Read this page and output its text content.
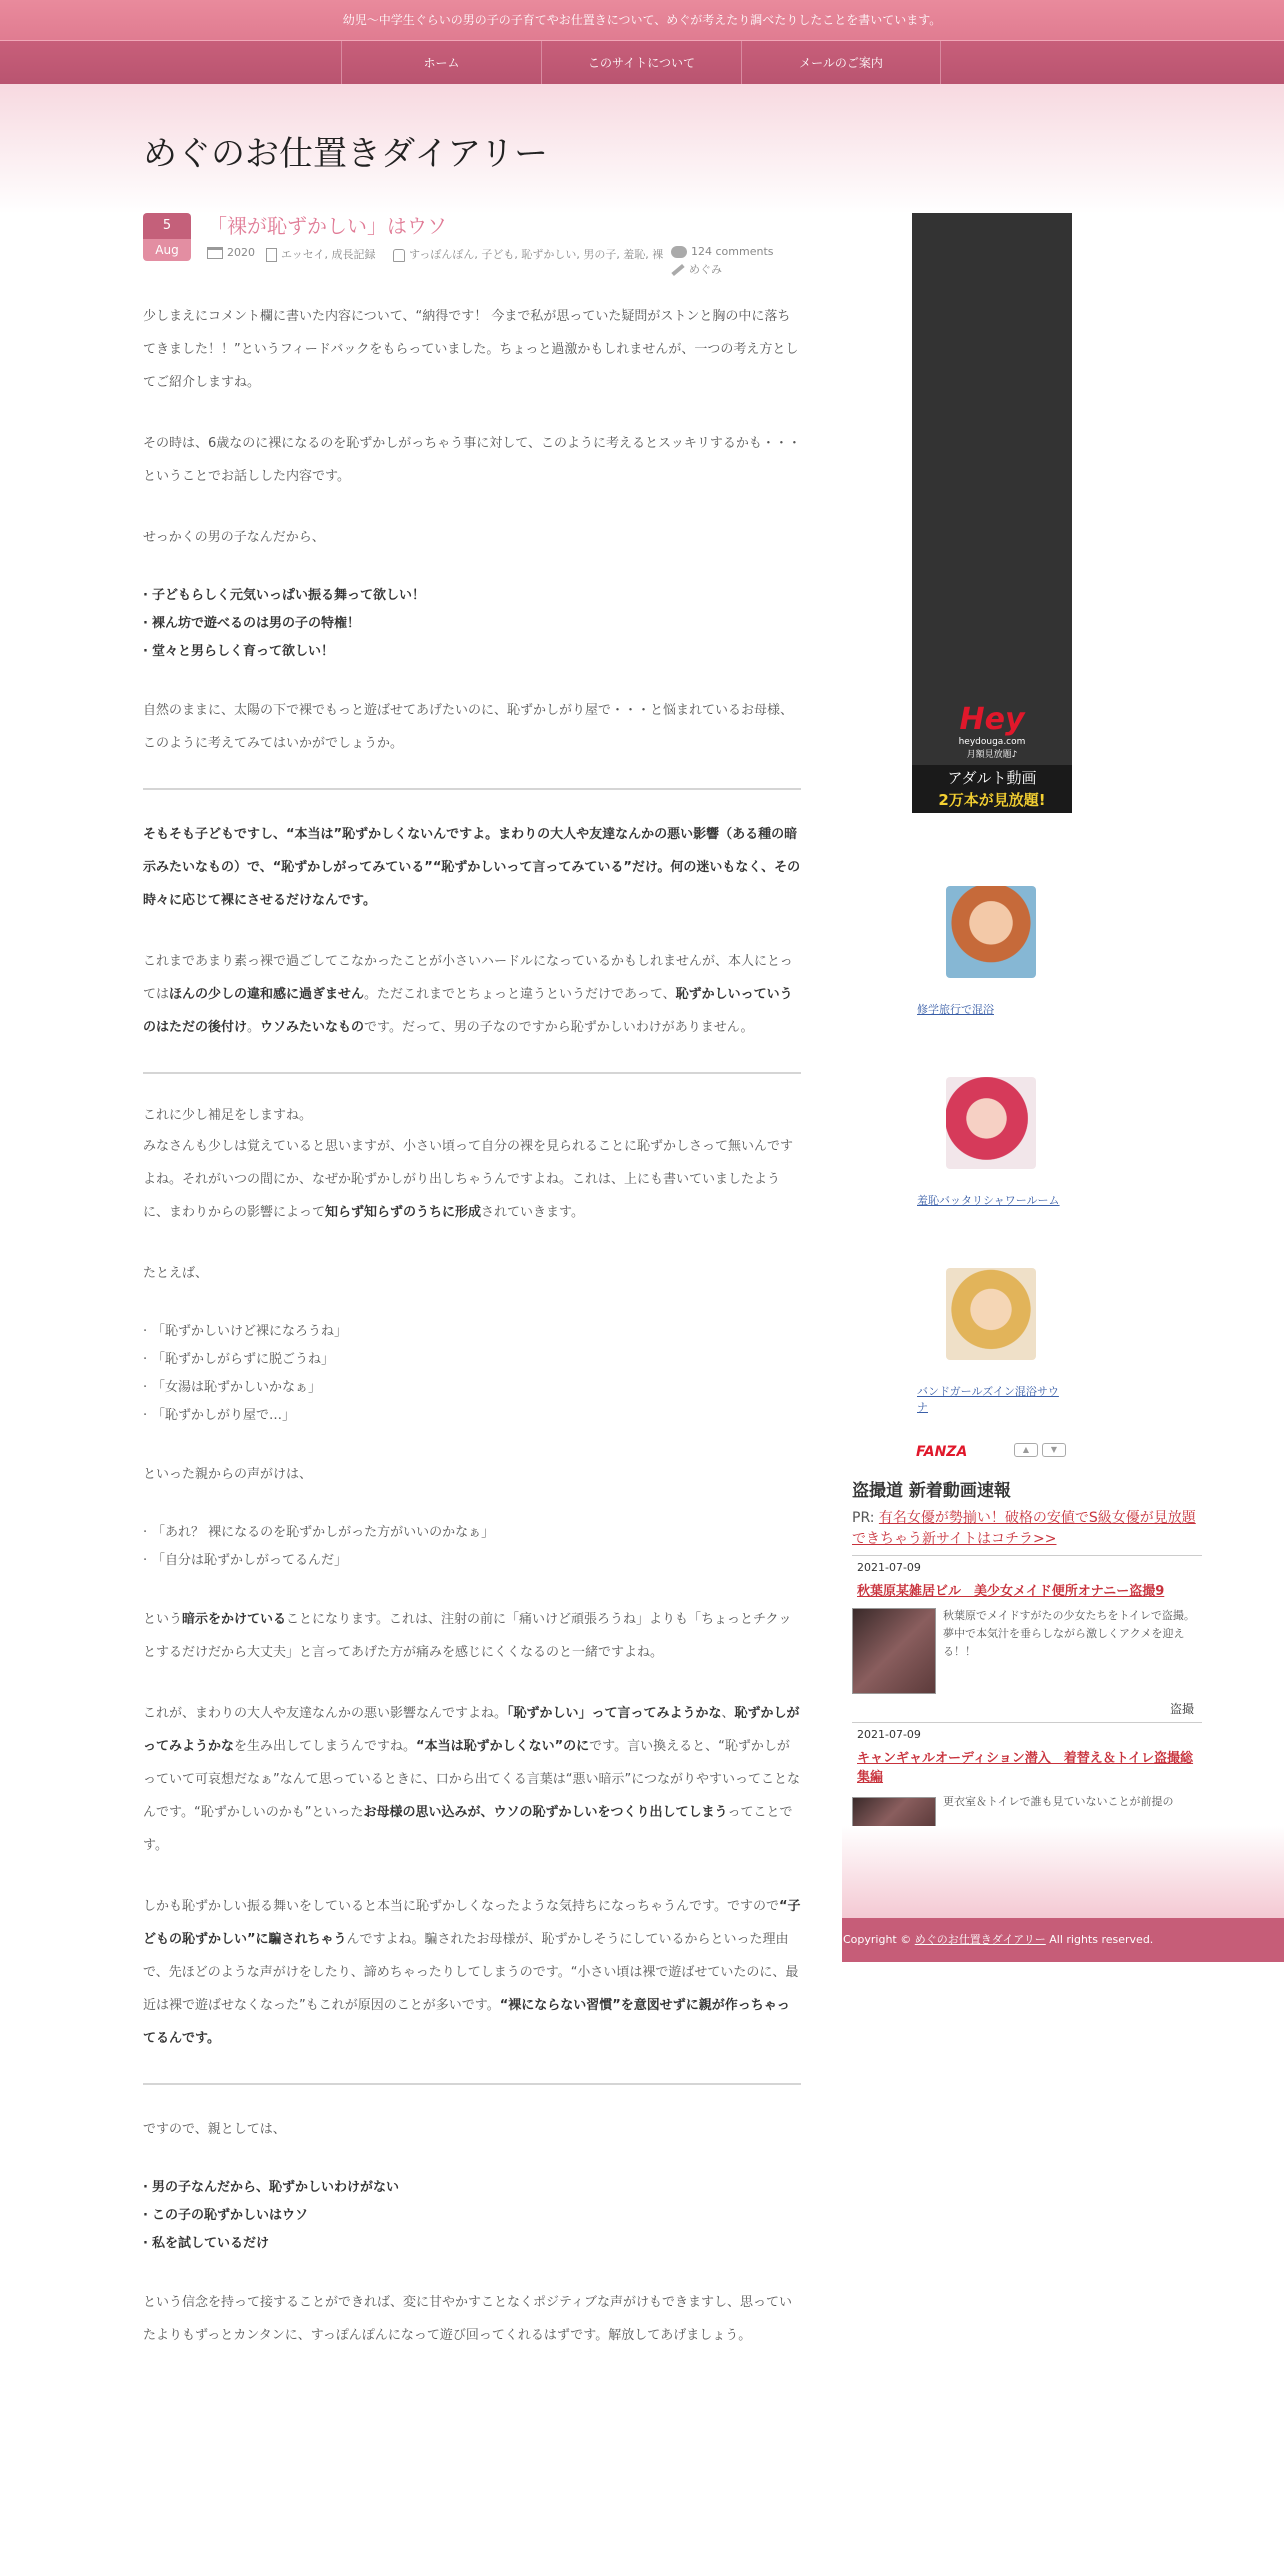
幼児～中学生ぐらいの男の子の子育てやお仕置きについて、めぐが考えたり調べたりしたことを書いています。
ホーム	このサイトについて	メールのご案内
めぐのお仕置きダイアリー
5
Aug
「裸が恥ずかしい」はウソ
2020	エッセイ, 成長記録	すっぽんぽん, 子ども, 恥ずかしい, 男の子, 羞恥, 裸	124 comments
めぐみ

少しまえにコメント欄に書いた内容について、“納得です！ 今まで私が思っていた疑問がストンと胸の中に落ちてきました！！”というフィードバックをもらっていました。ちょっと過激かもしれませんが、一つの考え方としてご紹介しますね。

その時は、6歳なのに裸になるのを恥ずかしがっちゃう事に対して、このように考えるとスッキリするかも・・・ということでお話しした内容です。

せっかくの男の子なんだから、

· 子どもらしく元気いっぱい振る舞って欲しい！
· 裸ん坊で遊べるのは男の子の特権！
· 堂々と男らしく育って欲しい！

自然のままに、太陽の下で裸でもっと遊ばせてあげたいのに、恥ずかしがり屋で・・・と悩まれているお母様、このように考えてみてはいかがでしょうか。

そもそも子どもですし、“本当は”恥ずかしくないんですよ。まわりの大人や友達なんかの悪い影響（ある種の暗示みたいなもの）で、“恥ずかしがってみている”“恥ずかしいって言ってみている”だけ。何の迷いもなく、その時々に応じて裸にさせるだけなんです。

これまであまり素っ裸で過ごしてこなかったことが小さいハードルになっているかもしれませんが、本人にとってはほんの少しの違和感に過ぎません。ただこれまでとちょっと違うというだけであって、恥ずかしいっていうのはただの後付け。ウソみたいなものです。だって、男の子なのですから恥ずかしいわけがありません。

これに少し補足をしますね。

みなさんも少しは覚えていると思いますが、小さい頃って自分の裸を見られることに恥ずかしさって無いんですよね。それがいつの間にか、なぜか恥ずかしがり出しちゃうんですよね。これは、上にも書いていましたように、まわりからの影響によって知らず知らずのうちに形成されていきます。

たとえば、

· 「恥ずかしいけど裸になろうね」
· 「恥ずかしがらずに脱ごうね」
· 「女湯は恥ずかしいかなぁ」
· 「恥ずかしがり屋で…」

といった親からの声がけは、

· 「あれ？ 裸になるのを恥ずかしがった方がいいのかなぁ」
· 「自分は恥ずかしがってるんだ」

という暗示をかけていることになります。これは、注射の前に「痛いけど頑張ろうね」よりも「ちょっとチクッとするだけだから大丈夫」と言ってあげた方が痛みを感じにくくなるのと一緒ですよね。

これが、まわりの大人や友達なんかの悪い影響なんですよね。「恥ずかしい」って言ってみようかな、恥ずかしがってみようかなを生み出してしまうんですね。“本当は恥ずかしくない”のにです。言い換えると、“恥ずかしがっていて可哀想だなぁ”なんて思っているときに、口から出てくる言葉は“悪い暗示”につながりやすいってことなんです。“恥ずかしいのかも”といったお母様の思い込みが、ウソの恥ずかしいをつくり出してしまうってことです。

しかも恥ずかしい振る舞いをしていると本当に恥ずかしくなったような気持ちになっちゃうんです。ですので“子どもの恥ずかしい”に騙されちゃうんですよね。騙されたお母様が、恥ずかしそうにしているからといった理由で、先ほどのような声がけをしたり、諦めちゃったりしてしまうのです。“小さい頃は裸で遊ばせていたのに、最近は裸で遊ばせなくなった”もこれが原因のことが多いです。“裸にならない習慣”を意図せずに親が作っちゃってるんです。

ですので、親としては、

· 男の子なんだから、恥ずかしいわけがない
· この子の恥ずかしいはウソ
· 私を試しているだけ

という信念を持って接することができれば、変に甘やかすことなくポジティブな声がけもできますし、思っていたよりもずっとカンタンに、すっぽんぽんになって遊び回ってくれるはずです。解放してあげましょう。

Hey
heydouga.com
月額見放題♪
アダルト動画
2万本が見放題!
修学旅行で混浴
羞恥バッタリシャワールーム
バンドガールズイン混浴サウナ
FANZA	▲	▼
盗撮道 新着動画速報
PR: 有名女優が勢揃い！破格の安値でS級女優が見放題できちゃう新サイトはコチラ>>
2021-07-09
秋葉原某雑居ビル　美少女メイド便所オナニー盗撮9
秋葉原でメイドすがたの少女たちをトイレで盗撮。夢中で本気汁を垂らしながら激しくアクメを迎える！！
盗撮
2021-07-09
キャンギャルオーディション潜入　着替え＆トイレ盗撮総集編
更衣室＆トイレで誰も見ていないことが前提の
Copyright © めぐのお仕置きダイアリー All rights reserved.
